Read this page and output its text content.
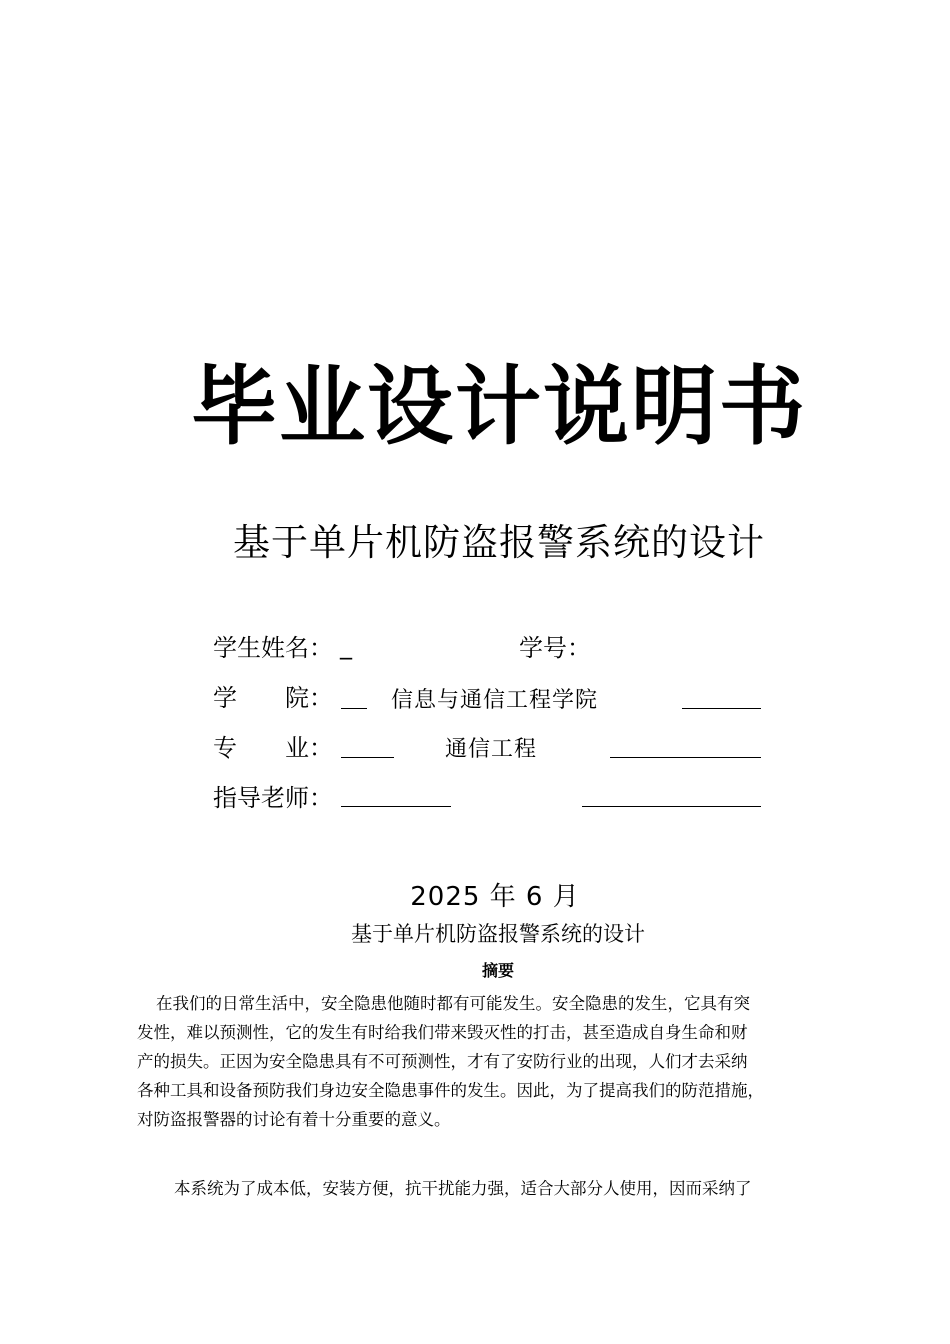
毕业设计说明书
基于单片机防盗报警系统的设计
学生姓名： _	学号：
学　　院：	信息与通信工程学院
专　　业：	通信工程
指导老师：
2025 年 6 月
基于单片机防盗报警系统的设计
摘要
在我们的日常生活中，安全隐患他随时都有可能发生。安全隐患的发生，它具有突
发性，难以预测性，它的发生有时给我们带来毁灭性的打击，甚至造成自身生命和财
产的损失。正因为安全隐患具有不可预测性，才有了安防行业的出现，人们才去采纳
各种工具和设备预防我们身边安全隐患事件的发生。因此，为了提高我们的防范措施，
对防盗报警器的讨论有着十分重要的意义。
本系统为了成本低，安装方便，抗干扰能力强，适合大部分人使用，因而采纳了
